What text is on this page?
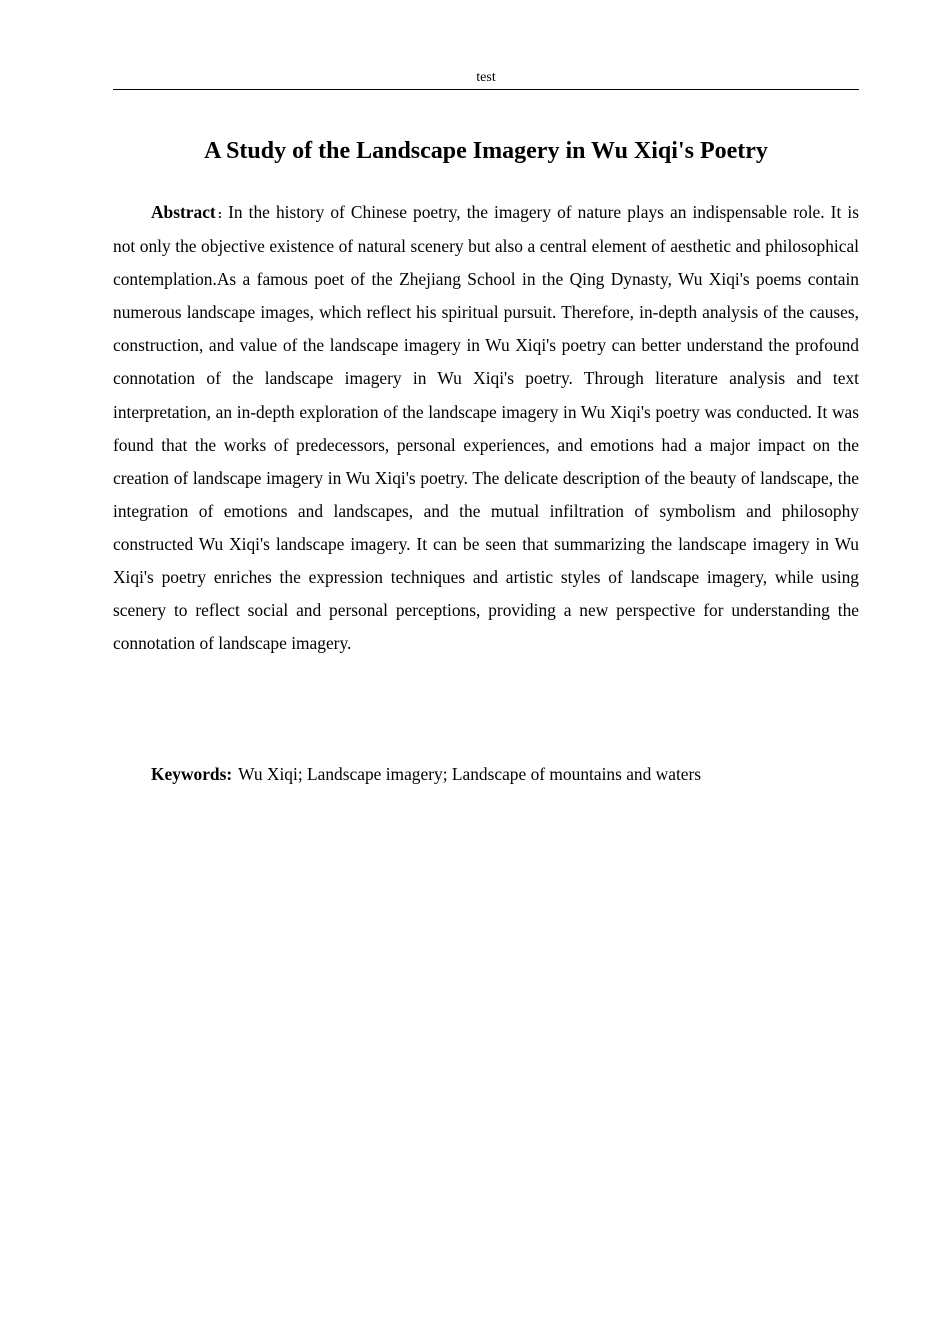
test
A Study of the Landscape Imagery in Wu Xiqi's Poetry

Abstract : In the history of Chinese poetry, the imagery of nature plays an indispensable role. It is not only the objective existence of natural scenery but also a central element of aesthetic and philosophical contemplation.As a famous poet of the Zhejiang School in the Qing Dynasty, Wu Xiqi's poems contain numerous landscape images, which reflect his spiritual pursuit. Therefore, in-depth analysis of the causes, construction, and value of the landscape imagery in Wu Xiqi's poetry can better understand the profound connotation of the landscape imagery in Wu Xiqi's poetry. Through literature analysis and text interpretation, an in-depth exploration of the landscape imagery in Wu Xiqi's poetry was conducted. It was found that the works of predecessors, personal experiences, and emotions had a major impact on the creation of landscape imagery in Wu Xiqi's poetry. The delicate description of the beauty of landscape, the integration of emotions and landscapes, and the mutual infiltration of symbolism and philosophy constructed Wu Xiqi's landscape imagery. It can be seen that summarizing the landscape imagery in Wu Xiqi's poetry enriches the expression techniques and artistic styles of landscape imagery, while using scenery to reflect social and personal perceptions, providing a new perspective for understanding the connotation of landscape imagery.

Keywords: Wu Xiqi; Landscape imagery; Landscape of mountains and waters
